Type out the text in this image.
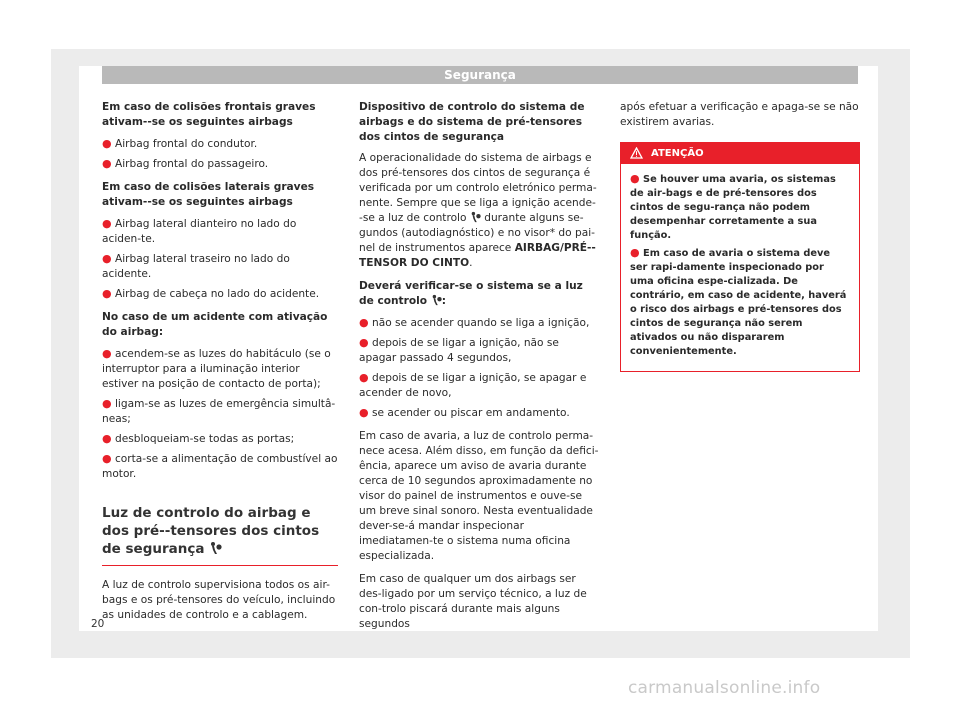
Segurança
Em caso de colisões frontais graves ativam--se os seguintes airbags
● Airbag frontal do condutor.
● Airbag frontal do passageiro.
Em caso de colisões laterais graves ativam--se os seguintes airbags
● Airbag lateral dianteiro no lado do aciden-te.
● Airbag lateral traseiro no lado do acidente.
● Airbag de cabeça no lado do acidente.
No caso de um acidente com ativação do airbag:
● acendem-se as luzes do habitáculo (se o interruptor para a iluminação interior estiver na posição de contacto de porta);
● ligam-se as luzes de emergência simultâ-neas;
● desbloqueiam-se todas as portas;
● corta-se a alimentação de combustível ao motor.
Luz de controlo do airbag e dos pré--tensores dos cintos de segurança

A luz de controlo supervisiona todos os air-bags e os pré-tensores do veículo, incluindo as unidades de controlo e a cablagem.

Dispositivo de controlo do sistema de airbags e do sistema de pré-tensores dos cintos de segurança

A operacionalidade do sistema de airbags e dos pré-tensores dos cintos de segurança é verificada por um controlo eletrónico perma-nente. Sempre que se liga a ignição acende--se a luz de controlo durante alguns se-gundos (autodiagnóstico) e no visor* do pai-nel de instrumentos aparece AIRBAG/PRÉ--TENSOR DO CINTO.

Deverá verificar-se o sistema se a luz de controlo :
● não se acender quando se liga a ignição,
● depois de se ligar a ignição, não se apagar passado 4 segundos,
● depois de se ligar a ignição, se apagar e acender de novo,
● se acender ou piscar em andamento.

Em caso de avaria, a luz de controlo perma-nece acesa. Além disso, em função da defici-ência, aparece um aviso de avaria durante cerca de 10 segundos aproximadamente no visor do painel de instrumentos e ouve-se um breve sinal sonoro. Nesta eventualidade dever-se-á mandar inspecionar imediatamen-te o sistema numa oficina especializada.

Em caso de qualquer um dos airbags ser des-ligado por um serviço técnico, a luz de con-trolo piscará durante mais alguns segundos

após efetuar a verificação e apaga-se se não existirem avarias.

ATENÇÃO
● Se houver uma avaria, os sistemas de air-bags e de pré-tensores dos cintos de segu-rança não podem desempenhar corretamente a sua função.
● Em caso de avaria o sistema deve ser rapi-damente inspecionado por uma oficina espe-cializada. De contrário, em caso de acidente, haverá o risco dos airbags e pré-tensores dos cintos de segurança não serem ativados ou não dispararem convenientemente.
20
carmanualsonline.info
